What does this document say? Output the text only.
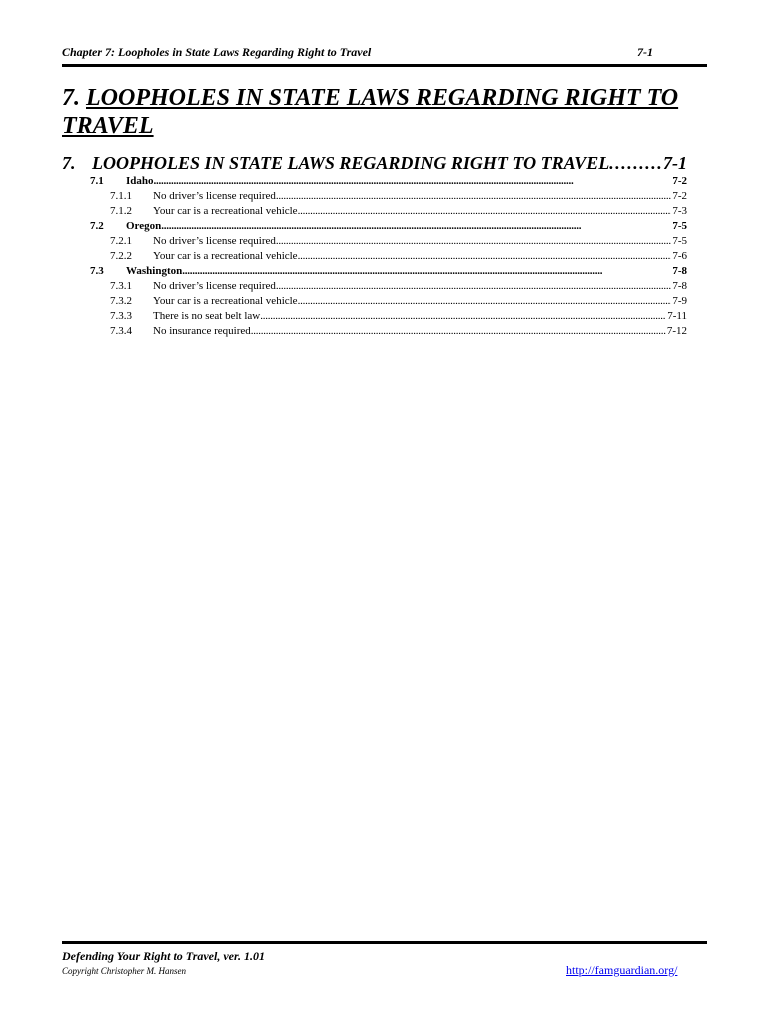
Chapter 7: Loopholes in State Laws Regarding Right to Travel	7-1
7. LOOPHOLES IN STATE LAWS REGARDING RIGHT TO TRAVEL
7. LOOPHOLES IN STATE LAWS REGARDING RIGHT TO TRAVEL . . .	7-1
7.1	Idaho . . .	7-2
7.1.1	No driver’s license required . . .	7-2
7.1.2	Your car is a recreational vehicle . . .	7-3
7.2	Oregon . . .	7-5
7.2.1	No driver’s license required . . .	7-5
7.2.2	Your car is a recreational vehicle . . .	7-6
7.3	Washington . . .	7-8
7.3.1	No driver’s license required . . .	7-8
7.3.2	Your car is a recreational vehicle . . .	7-9
7.3.3	There is no seat belt law . . .	7-11
7.3.4	No insurance required . . .	7-12
Defending Your Right to Travel, ver. 1.01
Copyright Christopher M. Hansen	http://famguardian.org/
